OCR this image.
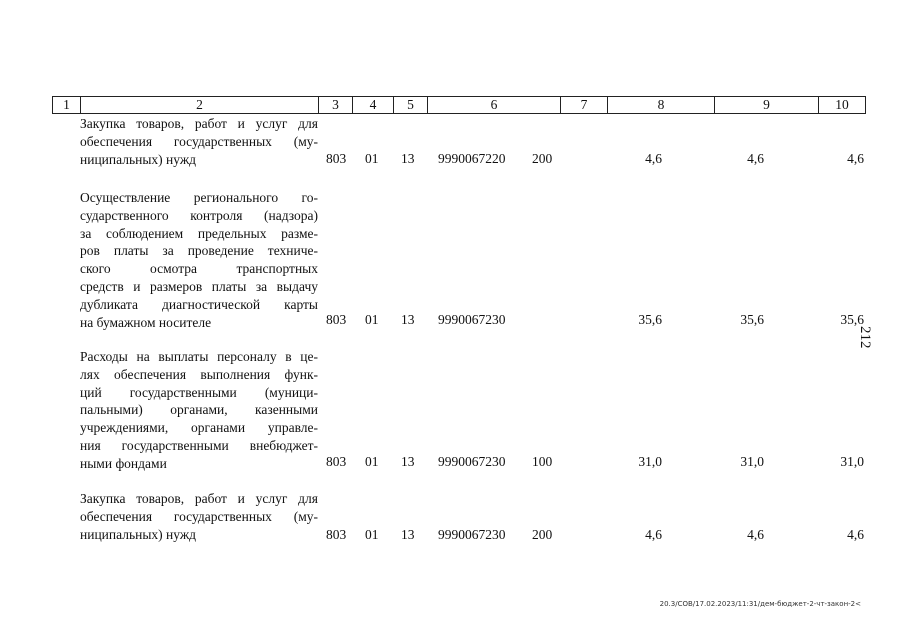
1	2	3	4	5	6	7	8	9	10
Закупка товаров, работ и услуг для
обеспечения государственных (му-
ниципальных) нужд	803 01 13 9990067220 200	4,6	4,6	4,6
Осуществление регионального го-
сударственного контроля (надзора)
за соблюдением предельных разме-
ров платы за проведение техниче-
ского осмотра транспортных
средств и размеров платы за выдачу
дубликата диагностической карты
на бумажном носителе	803 01 13 9990067230	35,6	35,6	35,6
Расходы на выплаты персоналу в це-
лях обеспечения выполнения функ-
ций государственными (муници-
пальными) органами, казенными
учреждениями, органами управле-
ния государственными внебюджет-
ными фондами	803 01 13 9990067230 100	31,0	31,0	31,0
Закупка товаров, работ и услуг для
обеспечения государственных (му-
ниципальных) нужд	803 01 13 9990067230 200	4,6	4,6	4,6
212
20.3/СОВ/17.02.2023/11:31/дем-бюджет-2-чт-закон-2<
